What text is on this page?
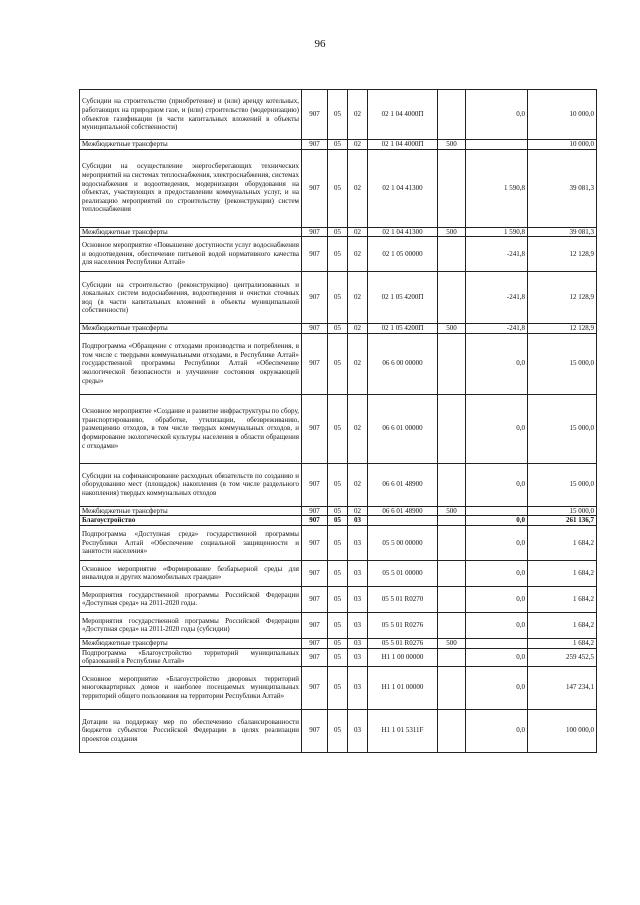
96
Субсидии на строительство (приобретение) и (или) аренду котельных, работающих на природном газе, и (или) строительство (модернизацию) объектов газификации (в части капитальных вложений в объекты муниципальной собственности)	907	05	02	02 1 04 4000П		0,0	10 000,0
Межбюджетные трансферты	907	05	02	02 1 04 4000П	500		10 000,0
Субсидии на осуществление энергосберегающих технических мероприятий на системах теплоснабжения, электроснабжения, системах водоснабжения и водоотведения, модернизации оборудования на объектах, участвующих в предоставлении коммунальных услуг, и на реализацию мероприятий по строительству (реконструкции) систем теплоснабжения	907	05	02	02 1 04 41300		1 590,8	39 081,3
Межбюджетные трансферты	907	05	02	02 1 04 41300	500	1 590,8	39 081,3
Основное мероприятие «Повышение доступности услуг водоснабжения и водоотведения, обеспечение питьевой водой нормативного качества для населения Республики Алтай»	907	05	02	02 1 05 00000		-241,8	12 128,9
Субсидии на строительство (реконструкцию) централизованных и локальных систем водоснабжения, водоотведения и очистки сточных вод (в части капитальных вложений в объекты муниципальной собственности)	907	05	02	02 1 05 4200П		-241,8	12 128,9
Межбюджетные трансферты	907	05	02	02 1 05 4200П	500	-241,8	12 128,9
Подпрограмма «Обращение с отходами производства и потребления, в том числе с твердыми коммунальными отходами, в Республике Алтай» государственной программы Республики Алтай «Обеспечение экологической безопасности и улучшение состояния окружающей среды»	907	05	02	06 6 00 00000		0,0	15 000,0
Основное мероприятие «Создание и развитие инфраструктуры по сбору, транспортированию, обработке, утилизации, обезвреживанию, размещению отходов, в том числе твердых коммунальных отходов, и формирование экологической культуры населения в области обращения с отходами»	907	05	02	06 6 01 00000		0,0	15 000,0
Субсидии на софинансирование расходных обязательств по созданию и оборудованию мест (площадок) накопления (в том числе раздельного накопления) твердых коммунальных отходов	907	05	02	06 6 01 48900		0,0	15 000,0
Межбюджетные трансферты	907	05	02	06 6 01 48900	500		15 000,0
Благоустройство	907	05	03			0,0	261 136,7
Подпрограмма «Доступная среда» государственной программы Республики Алтай «Обеспечение социальной защищенности и занятости населения»	907	05	03	05 5 00 00000		0,0	1 684,2
Основное мероприятие «Формирование безбарьерной среды для инвалидов и других маломобильных граждан»	907	05	03	05 5 01 00000		0,0	1 684,2
Мероприятия государственной программы Российской Федерации «Доступная среда» на 2011-2020 годы.	907	05	03	05 5 01 R0270		0,0	1 684,2
Мероприятия государственной программы Российской Федерации «Доступная среда» на 2011-2020 годы (субсидии)	907	05	03	05 5 01 R0276		0,0	1 684,2
Межбюджетные трансферты	907	05	03	05 5 01 R0276	500		1 684,2
Подпрограмма «Благоустройство территорий муниципальных образований в Республике Алтай»	907	05	03	Н1 1 00 00000		0,0	259 452,5
Основное мероприятие «Благоустройство дворовых территорий многоквартирных домов и наиболее посещаемых муниципальных территорий общего пользования на территории Республики Алтай»	907	05	03	Н1 1 01 00000		0,0	147 234,1
Дотации на поддержку мер по обеспечению сбалансированности бюджетов субъектов Российской Федерации в целях реализации проектов создания	907	05	03	Н1 1 01 5311F		0,0	100 000,0
